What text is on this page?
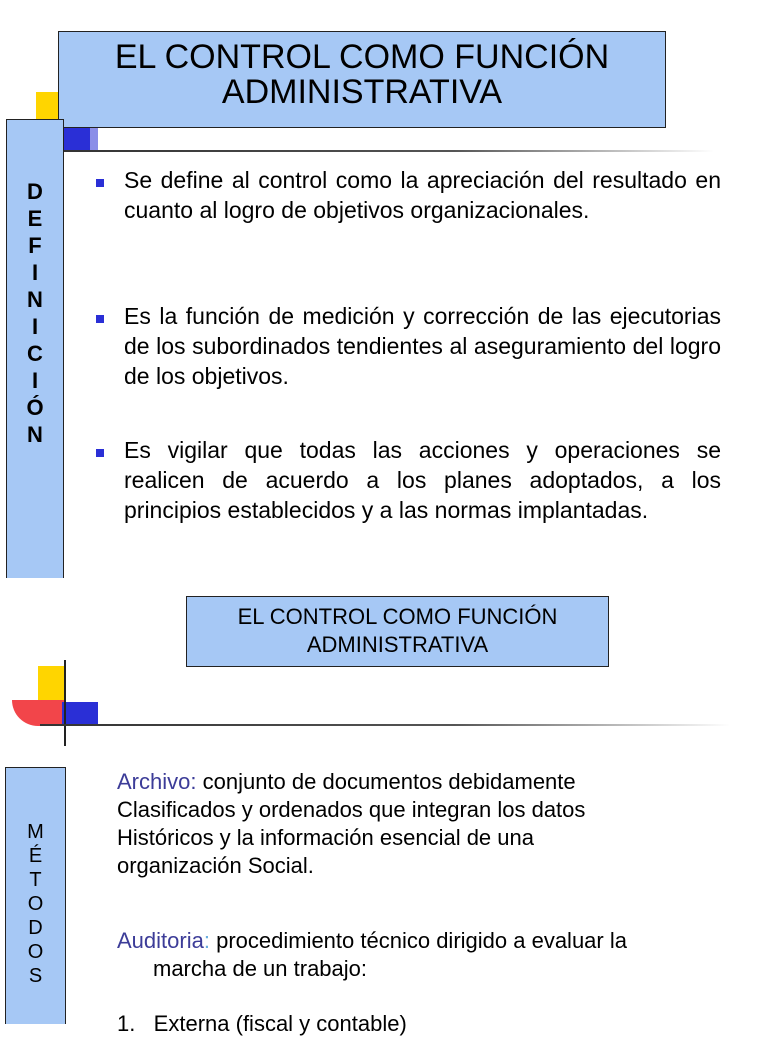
EL CONTROL COMO FUNCIÓN
ADMINISTRATIVA
D
E
F
I
N
I
C
I
Ó
N
Se define al control como la apreciación del resultado en cuanto al logro de objetivos organizacionales.
Es la función de medición y corrección de las ejecutorias de los subordinados tendientes al aseguramiento del logro de los objetivos.
Es vigilar que todas las acciones y operaciones se realicen de acuerdo a los planes adoptados, a los principios establecidos y a las normas implantadas.
EL CONTROL COMO FUNCIÓN
ADMINISTRATIVA
M
É
T
O
D
O
S
Archivo: conjunto de documentos debidamente
Clasificados y ordenados que integran los datos
Históricos y la información esencial de una
organización Social.
Auditoria: procedimiento técnico dirigido a evaluar la
marcha de un trabajo:
1.   Externa (fiscal y contable)
